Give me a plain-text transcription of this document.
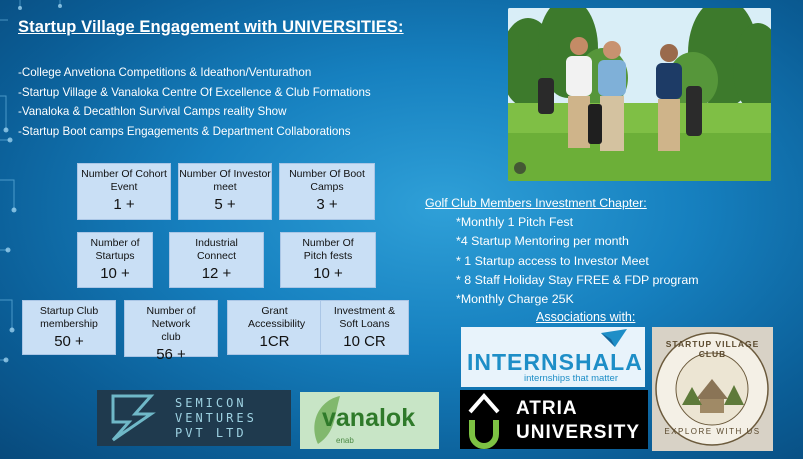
Startup Village Engagement with UNIVERSITIES:
-College Anvetiona Competitions & Ideathon/Venturathon
-Startup Village & Vanaloka Centre Of Excellence & Club Formations
-Vanaloka & Decathlon Survival Camps reality Show
-Startup Boot camps Engagements & Department Collaborations
Number Of Cohort Event
1 +
Number Of Investor meet
5 +
Number Of Boot Camps
3 +
Number of Startups
10 +
Industrial Connect
12 +
Number Of Pitch fests
10 +
Startup Club membership
50 +
Number of Network club
56 +
Grant Accessibility
1CR
Investment & Soft Loans
10 CR
Golf Club Members Investment Chapter:
*Monthly 1 Pitch Fest
*4 Startup Mentoring per month
* 1 Startup access to Investor Meet
* 8 Staff Holiday Stay FREE & FDP program
*Monthly Charge 25K
Associations with:
INTERNSHALA
internships that matter
STARTUP VILLAGE CLUB
EXPLORE WITH US
SEMICON
VENTURES
PVT LTD
vanalok
enab
ATRIA
UNIVERSITY
